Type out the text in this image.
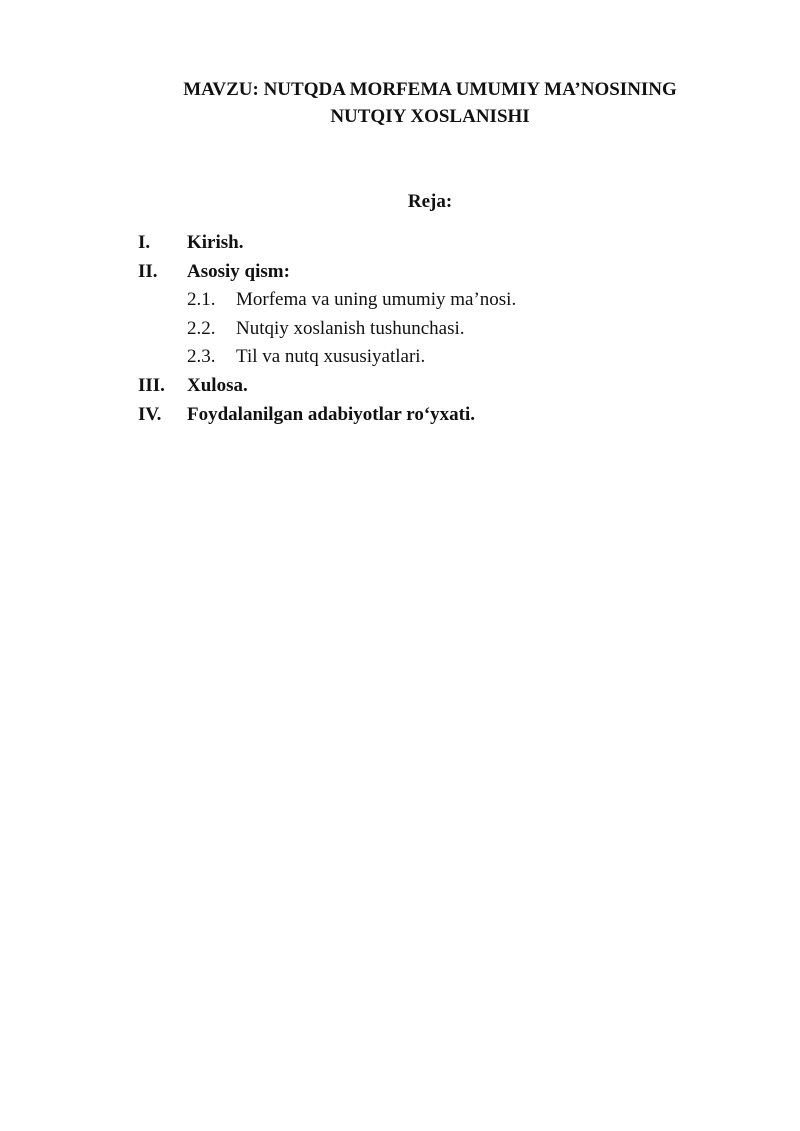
MAVZU: NUTQDA MORFEMA UMUMIY MA’NOSINING
NUTQIY XOSLANISHI
Reja:
I.	Kirish.
II.	Asosiy qism:
2.1.	Morfema va uning umumiy ma’nosi.
2.2.	Nutqiy xoslanish tushunchasi.
2.3.	Til va nutq xususiyatlari.
III.	Xulosa.
IV.	Foydalanilgan adabiyotlar ro‘yxati.
